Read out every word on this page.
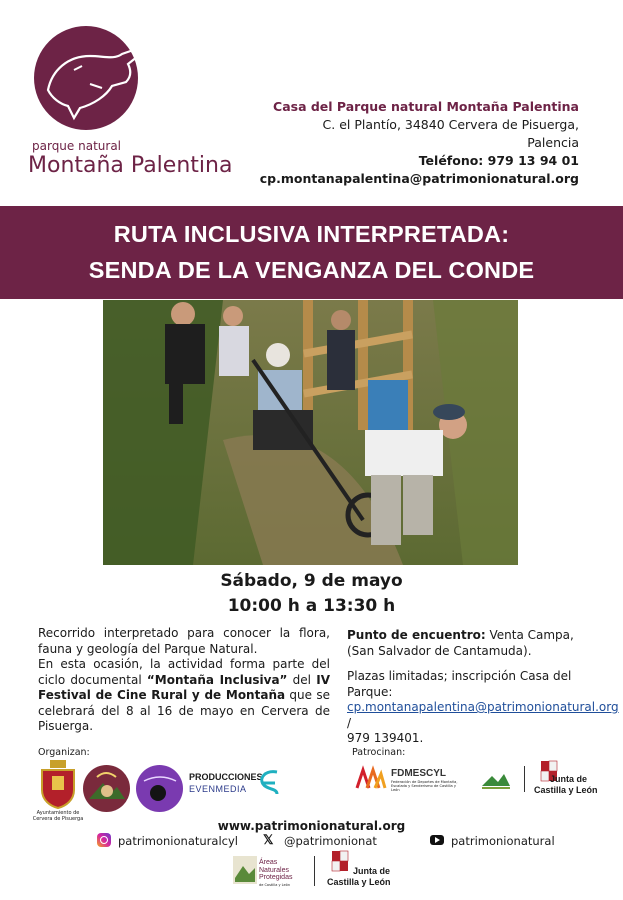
parque natural
Montaña Palentina
Casa del Parque natural Montaña Palentina
C. el Plantío, 34840 Cervera de Pisuerga,
Palencia
Teléfono: 979 13 94 01
cp.montanapalentina@patrimonionatural.org
RUTA INCLUSIVA INTERPRETADA:
SENDA DE LA VENGANZA DEL CONDE
Sábado, 9 de mayo
10:00 h a 13:30 h
Recorrido interpretado para conocer la flora, fauna y geología del Parque Natural.
En esta ocasión, la actividad forma parte del ciclo documental “Montaña Inclusiva” del IV Festival de Cine Rural y de Montaña que se celebrará del 8 al 16 de mayo en Cervera de Pisuerga.
Punto de encuentro: Venta Campa,
(San Salvador de Cantamuda).
Plazas limitadas; inscripción Casa del Parque:
cp.montanapalentina@patrimonionatural.org /
979 139401.
Organizan:
Ayuntamiento de Cervera de Pisuerga
PRODUCCIONES
EVENMEDIA
Patrocinan:
FDMESCYL
Federación de Deportes de Montaña, Escalada y Senderismo de Castilla y León
Junta de
Castilla y León
www.patrimonionatural.org
patrimonionaturalcyl 𝕏 @patrimonionat	patrimonionatural
Áreas
Naturales
Protegidas
de Castilla y León
Junta de
Castilla y León
